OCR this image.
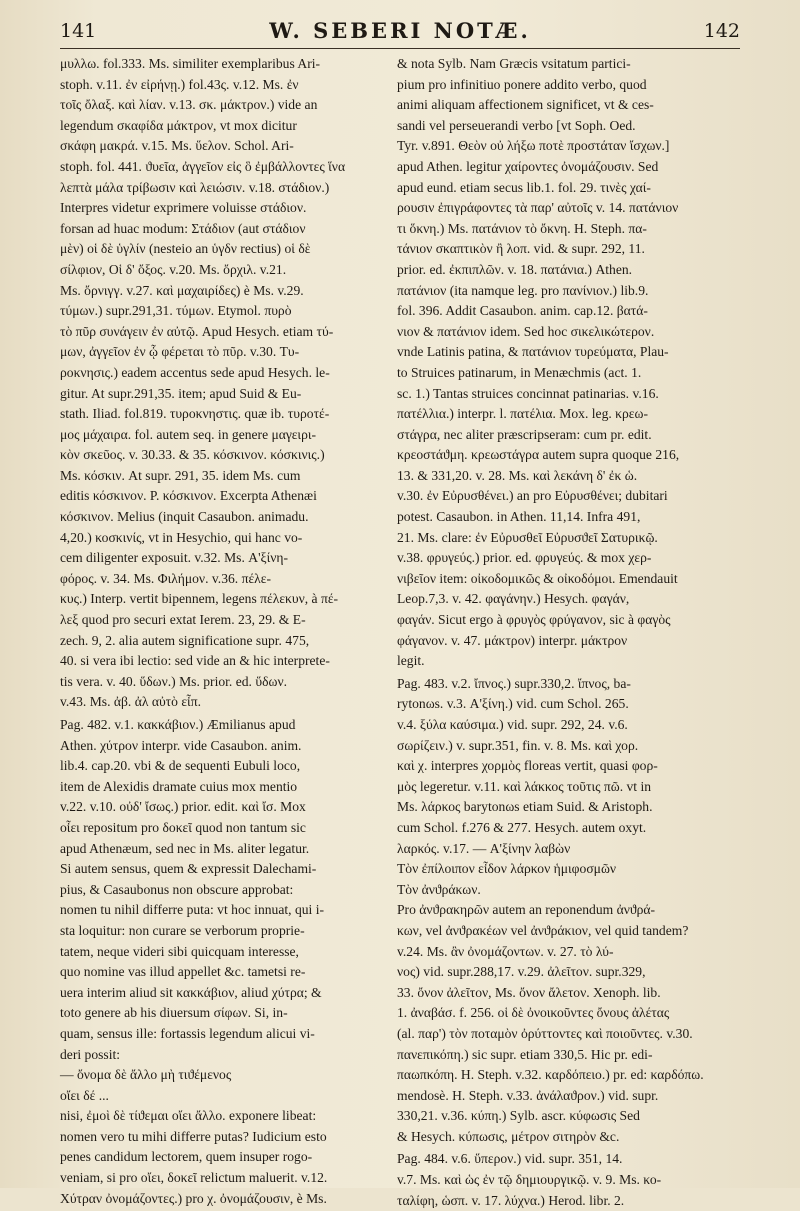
141	W. SEBERI NOTÆ.	142

μυλλω. fol.333. Ms. similiter exemplaribus Ari-

stoph. v.11. ἐν εἰρήνῃ.) fol.43ς. v.12. Ms. ἐν

τοῖς ὄλαξ. καὶ λίαν. v.13. σκ. μάκτρον.) vide an

legendum σκαφίδα μάκτρον, vt mox dicitur

σκάφη μακρά. v.15. Ms. ὕελον. Schol. Ari-

stoph. fol. 441. ϑυεῖα, ἀγγεῖον εἰς ὃ ἐμβάλλοντες ἵνα

λεπτὰ μάλα τρίβωσιν καὶ λειώσιν. v.18. στάδιον.)

Interpres videtur exprimere voluisse στάδιον.

forsan ad huac modum: Στάδιον (aut στάδιον

μὲν) οἱ δὲ ὑγλίν (nesteio an ὑγδν rectius) οἱ δὲ

σίλφιον, Οἱ δ' ὄξος. v.20. Ms. ὄρχιλ. v.21.

Ms. ὄρνιγγ. v.27. καὶ μαχαιρίδες) è Ms. v.29.

τύμων.) supr.291,31. τύμων. Etymol. πυρὸ

τὸ πῦρ συνάγειν ἐν αὐτῷ. Apud Hesych. etiam τύ-

μων, ἀγγεῖον ἐν ᾧ φέρεται τὸ πῦρ. v.30. Τυ-

ροκνησις.) eadem accentus sede apud Hesych. le-

gitur. At supr.291,35. item; apud Suid & Eu-

stath. Iliad. fol.819. τυροκνηστις. quæ ib. τυροτέ-

μος μάχαιρα. fol. autem seq. in genere μαγειρι-

κὸν σκεῦος. v. 30.33. & 35. κόσκινον. κόσκινις.)

Ms. κόσκιν. At supr. 291, 35. idem Ms. cum

editis κόσκινον. P. κόσκινον. Excerpta Athenæi

κόσκινον. Melius (inquit Casaubon. animadu.

4,20.) κοσκινίς, vt in Hesychio, qui hanc vo-

cem diligenter exposuit. v.32. Ms. Α'ξίνη-

φόρος. v. 34. Ms. Φιλήμον. v.36. πέλε-

κυς.) Interp. vertit bipennem, legens πέλεκυν, à πέ-

λεξ quod pro securi extat Ierem. 23, 29. & E-

zech. 9, 2. alia autem significatione supr. 475,

40. si vera ibi lectio: sed vide an & hic interprete-

tis vera. v. 40. ὕδων.) Ms. prior. ed. ὕδων.

v.43. Ms. ἀβ. ἀλ αὐτὸ εἶπ.

Pag. 482. v.1. κακκάβιον.) Æmilianus apud

Athen. χύτρον interpr. vide Casaubon. anim.

lib.4. cap.20. vbi & de sequenti Eubuli loco,

item de Alexidis dramate cuius mox mentio

v.22. v.10. οὐδ' ἴσως.) prior. edit. καὶ ἴσ. Mox

οἶει repositum pro δοκεῖ quod non tantum sic

apud Athenæum, sed nec in Ms. aliter legatur.

Si autem sensus, quem & expressit Dalechami-

pius, & Casaubonus non obscure approbat:

nomen tu nihil differre puta: vt hoc innuat, qui i-

sta loquitur: non curare se verborum proprie-

tatem, neque videri sibi quicquam interesse,

quo nomine vas illud appellet &c. tametsi re-

uera interim aliud sit κακκάβιον, aliud χύτρα; &

toto genere ab his diuersum σίφων. Si, in-

quam, sensus ille: fortassis legendum alicui vi-

deri possit:

— ὄνομα δὲ ἄλλο μὴ τιϑέμενος

οἴει δέ ...

nisi, ἐμοὶ δὲ τίϑεμαι οἴει ἄλλο. exponere libeat:

nomen vero tu mihi differre putas? Iudicium esto

penes candidum lectorem, quem insuper rogo-

veniam, si pro οἴει, δοκεῖ relictum maluerit. v.12.

Χύτραν ὀνομάζοντες.) pro χ. ὀνομάζουσιν, è Ms.

& nota Sylb. Nam Græcis vsitatum partici-

pium pro infinitiuo ponere addito verbo, quod

animi aliquam affectionem significet, vt & ces-

sandi vel perseuerandi verbo [vt Soph. Oed.

Tyr. v.891. Θεὸν οὐ λήξω ποτὲ προστάταν ἴσχων.]

apud Athen. legitur χαίροντες ὀνομάζουσιν. Sed

apud eund. etiam secus lib.1. fol. 29. τινὲς χαί-

ρουσιν ἐπιγράφοντες τὰ παρ' αὐτοῖς v. 14. πατάνιον

τι ὅκνη.) Ms. πατάνιον τὸ ὄκνη. H. Steph. πα-

τάνιον σκαπτικὸν ἢ λοπ. vid. & supr. 292, 11.

prior. ed. ἐκπιπλῶν. v. 18. πατάνια.) Athen.

πατάνιον (ita namque leg. pro πανίνιον.) lib.9.

fol. 396. Addit Casaubon. anim. cap.12. βατά-

νιον & πατάνιον idem. Sed hoc σικελικώτερον.

vnde Latinis patina, & πατάνιον τυρεύματα, Plau-

to Struices patinarum, in Menæchmis (act. 1.

sc. 1.) Tantas struices concinnat patinarias. v.16.

πατέλλια.) interpr. l. πατέλια. Mox. leg. κρεω-

στάγρα, nec aliter præscripseram: cum pr. edit.

κρεοστάϑμη. κρεωστάγρα autem supra quoque 216,

13. & 331,20. v. 28. Ms. καὶ λεκάνη δ' ἐκ ὡ.

v.30. ἐν Εὐρυσθένει.) an pro Εὐρυσθένει; dubitari

potest. Casaubon. in Athen. 11,14. Infra 491,

21. Ms. clare: ἐν Εὐρυσθεῖ Εὐρυσϑεῖ Σατυρικῷ.

v.38. φρυγεύς.) prior. ed. φρυγεύς. & mox χερ-

νιβεῖον item: οἰκοδομικῶς & οἰκοδόμοι. Emendauit

Leop.7,3. v. 42. φαγάνην.) Hesych. φαγάν,

φαγάν. Sicut ergo à φρυγὸς φρύγανον, sic à φαγὸς

φάγανον. v. 47. μάκτρον) interpr. μάκτρον

legit.

Pag. 483. v.2. ἴπνος.) supr.330,2. ἴπνος, ba-

rytonωs. v.3. Α'ξίνη.) vid. cum Schol. 265.

v.4. ξύλα καύσιμα.) vid. supr. 292, 24. v.6.

σωρίζειν.) v. supr.351, fin. v. 8. Ms. καὶ χορ.

καὶ χ. interpres χορμὸς floreas vertit, quasi φορ-

μὸς legeretur. v.11. καὶ λάκκος τοῦτις πῶ. vt in

Ms. λάρκος barytonωs etiam Suid. & Aristoph.

cum Schol. f.276 & 277. Hesych. autem oxyt.

λαρκός. v.17. — Α'ξίνην λαβὼν

Τὸν ἐπίλοιπον εἶδον λάρκον ἡμιφοσμῶν

Τὸν ἀνϑράκων.

Pro ἀνϑρακηρῶν autem an reponendum ἀνϑρά-

κων, vel ἀνϑρακέων vel ἀνϑράκιον, vel quid tandem?

v.24. Ms. ἂν ὀνομάζοντων. v. 27. τὸ λύ-

νος) vid. supr.288,17. v.29. ἀλεῖτον. supr.329,

33. ὄνον ἀλεῖτον, Ms. ὄνον ἄλετον. Xenoph. lib.

1. ἀναβάσ. f. 256. οἱ δὲ ὀνοικοῦντες ὄνους ἀλέτας

(al. παρ') τὸν ποταμὸν ὀρύττοντες καὶ ποιοῦντες. v.30.

πανεπικόπη.) sic supr. etiam 330,5. Hic pr. edi-

παωπκόπη. H. Steph. v.32. καρδόπειο.) pr. ed: καρδόπω.

mendosè. H. Steph. v.33. ἀνάλαϑρον.) vid. supr.

330,21. v.36. κύπη.) Sylb. ascr. κύφωσις Sed

& Hesych. κύπωσις, μέτρον σιτηρὸν &c.

Pag. 484. v.6. ὕπερον.) vid. supr. 351, 14.

v.7. Ms. καὶ ὡς ἐν τῷ δημιουργικῷ. v. 9. Ms. κο-

ταλίφη, ὡσπ. v. 17. λύχνα.) Herod. libr. 2.
